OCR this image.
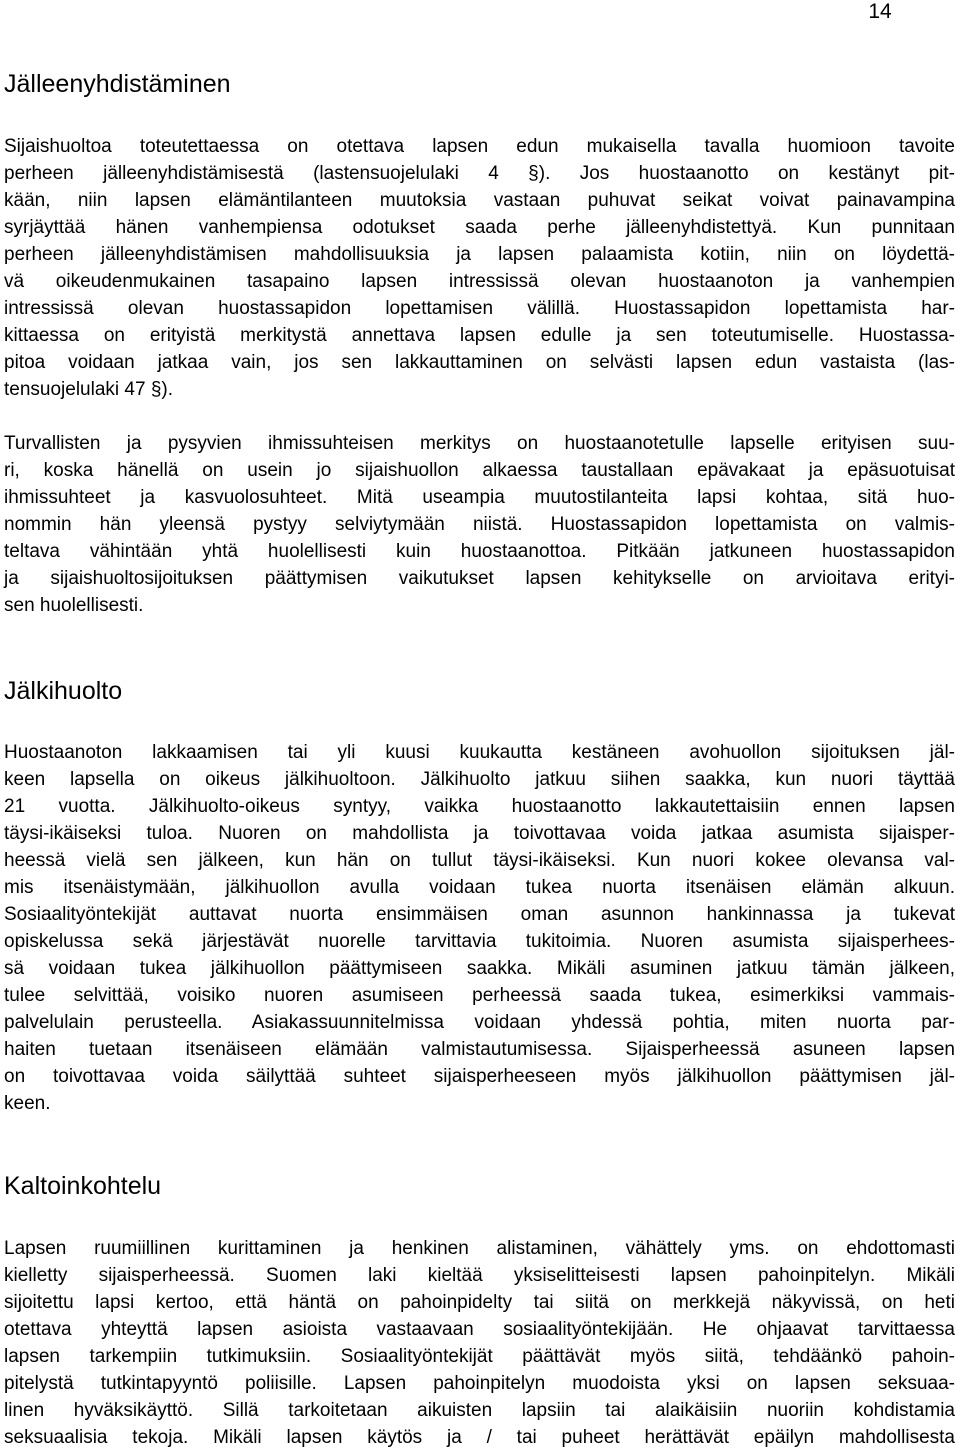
14
Jälleenyhdistäminen
Sijaishuoltoa toteutettaessa on otettava lapsen edun mukaisella tavalla huomioon tavoite
perheen jälleenyhdistämisestä (lastensuojelulaki 4 §). Jos huostaanotto on kestänyt pit-
kään, niin lapsen elämäntilanteen muutoksia vastaan puhuvat seikat voivat painavampina
syrjäyttää hänen vanhempiensa odotukset saada perhe jälleenyhdistettyä. Kun punnitaan
perheen jälleenyhdistämisen mahdollisuuksia ja lapsen palaamista kotiin, niin on löydettä-
vä oikeudenmukainen tasapaino lapsen intressissä olevan huostaanoton ja vanhempien
intressissä olevan huostassapidon lopettamisen välillä. Huostassapidon lopettamista har-
kittaessa on erityistä merkitystä annettava lapsen edulle ja sen toteutumiselle. Huostassa-
pitoa voidaan jatkaa vain, jos sen lakkauttaminen on selvästi lapsen edun vastaista (las-
tensuojelulaki 47 §).
Turvallisten ja pysyvien ihmissuhteisen merkitys on huostaanotetulle lapselle erityisen suu-
ri, koska hänellä on usein jo sijaishuollon alkaessa taustallaan epävakaat ja epäsuotuisat
ihmissuhteet ja kasvuolosuhteet. Mitä useampia muutostilanteita lapsi kohtaa, sitä huo-
nommin hän yleensä pystyy selviytymään niistä. Huostassapidon lopettamista on valmis-
teltava vähintään yhtä huolellisesti kuin huostaanottoa. Pitkään jatkuneen huostassapidon
ja sijaishuoltosijoituksen päättymisen vaikutukset lapsen kehitykselle on arvioitava erityi-
sen huolellisesti.
Jälkihuolto
Huostaanoton lakkaamisen tai yli kuusi kuukautta kestäneen avohuollon sijoituksen jäl-
keen lapsella on oikeus jälkihuoltoon. Jälkihuolto jatkuu siihen saakka, kun nuori täyttää
21 vuotta. Jälkihuolto-oikeus syntyy, vaikka huostaanotto lakkautettaisiin ennen lapsen
täysi-ikäiseksi tuloa. Nuoren on mahdollista ja toivottavaa voida jatkaa asumista sijaisper-
heessä vielä sen jälkeen, kun hän on tullut täysi-ikäiseksi. Kun nuori kokee olevansa val-
mis itsenäistymään, jälkihuollon avulla voidaan tukea nuorta itsenäisen elämän alkuun.
Sosiaalityöntekijät auttavat nuorta ensimmäisen oman asunnon hankinnassa ja tukevat
opiskelussa sekä järjestävät nuorelle tarvittavia tukitoimia. Nuoren asumista sijaisperhees-
sä voidaan tukea jälkihuollon päättymiseen saakka. Mikäli asuminen jatkuu tämän jälkeen,
tulee selvittää, voisiko nuoren asumiseen perheessä saada tukea, esimerkiksi vammais-
palvelulain perusteella. Asiakassuunnitelmissa voidaan yhdessä pohtia, miten nuorta par-
haiten tuetaan itsenäiseen elämään valmistautumisessa. Sijaisperheessä asuneen lapsen
on toivottavaa voida säilyttää suhteet sijaisperheeseen myös jälkihuollon päättymisen jäl-
keen.
Kaltoinkohtelu
Lapsen ruumiillinen kurittaminen ja henkinen alistaminen, vähättely yms. on ehdottomasti
kielletty sijaisperheessä. Suomen laki kieltää yksiselitteisesti lapsen pahoinpitelyn. Mikäli
sijoitettu lapsi kertoo, että häntä on pahoinpidelty tai siitä on merkkejä näkyvissä, on heti
otettava yhteyttä lapsen asioista vastaavaan sosiaalityöntekijään. He ohjaavat tarvittaessa
lapsen tarkempiin tutkimuksiin. Sosiaalityöntekijät päättävät myös siitä, tehdäänkö pahoin-
pitelystä tutkintapyyntö poliisille. Lapsen pahoinpitelyn muodoista yksi on lapsen seksuaa-
linen hyväksikäyttö. Sillä tarkoitetaan aikuisten lapsiin tai alaikäisiin nuoriin kohdistamia
seksuaalisia tekoja. Mikäli lapsen käytös ja / tai puheet herättävät epäilyn mahdollisesta
